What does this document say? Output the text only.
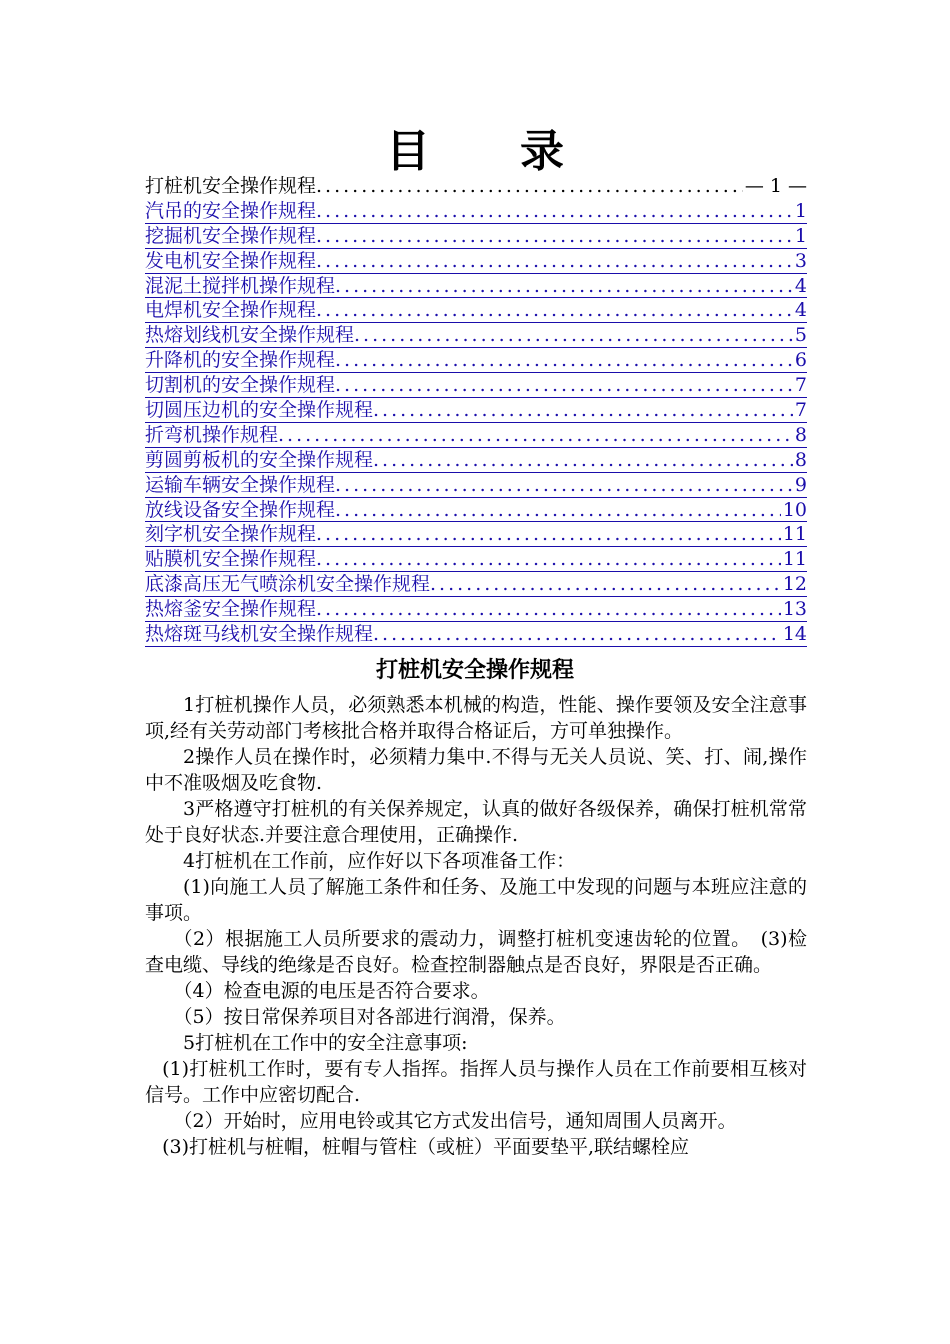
目录
打桩机安全操作规程 .....	— 1 —
汽吊的安全操作规程 .....	1
挖掘机安全操作规程 .....	1
发电机安全操作规程 .....	3
混泥土搅拌机操作规程 .....	4
电焊机安全操作规程 .....	4
热熔划线机安全操作规程 .....	5
升降机的安全操作规程 .....	6
切割机的安全操作规程 .....	7
切圆压边机的安全操作规程 .....	7
折弯机操作规程 .....	8
剪圆剪板机的安全操作规程 .....	8
运输车辆安全操作规程 .....	9
放线设备安全操作规程 .....	10
刻字机安全操作规程 .....	11
贴膜机安全操作规程 .....	11
底漆高压无气喷涂机安全操作规程 .....	12
热熔釜安全操作规程 .....	13
热熔斑马线机安全操作规程 .....	14
打桩机安全操作规程

1打桩机操作人员，必须熟悉本机械的构造，性能、操作要领及安全注意事项,经有关劳动部门考核批合格并取得合格证后，方可单独操作。

2操作人员在操作时，必须精力集中.不得与无关人员说、笑、打、闹,操作中不准吸烟及吃食物.

3严格遵守打桩机的有关保养规定，认真的做好各级保养，确保打桩机常常处于良好状态.并要注意合理使用，正确操作.

4打桩机在工作前，应作好以下各项准备工作：

(1)向施工人员了解施工条件和任务、及施工中发现的问题与本班应注意的事项。

（2）根据施工人员所要求的震动力，调整打桩机变速齿轮的位置。　(3)检查电缆、导线的绝缘是否良好。检查控制器触点是否良好，界限是否正确。

（4）检查电源的电压是否符合要求。

（5）按日常保养项目对各部进行润滑，保养。

5打桩机在工作中的安全注意事项:

(1)打桩机工作时，要有专人指挥。指挥人员与操作人员在工作前要相互核对信号。工作中应密切配合.

（2）开始时，应用电铃或其它方式发出信号，通知周围人员离开。

(3)打桩机与桩帽，桩帽与管柱（或桩）平面要垫平,联结螺栓应
